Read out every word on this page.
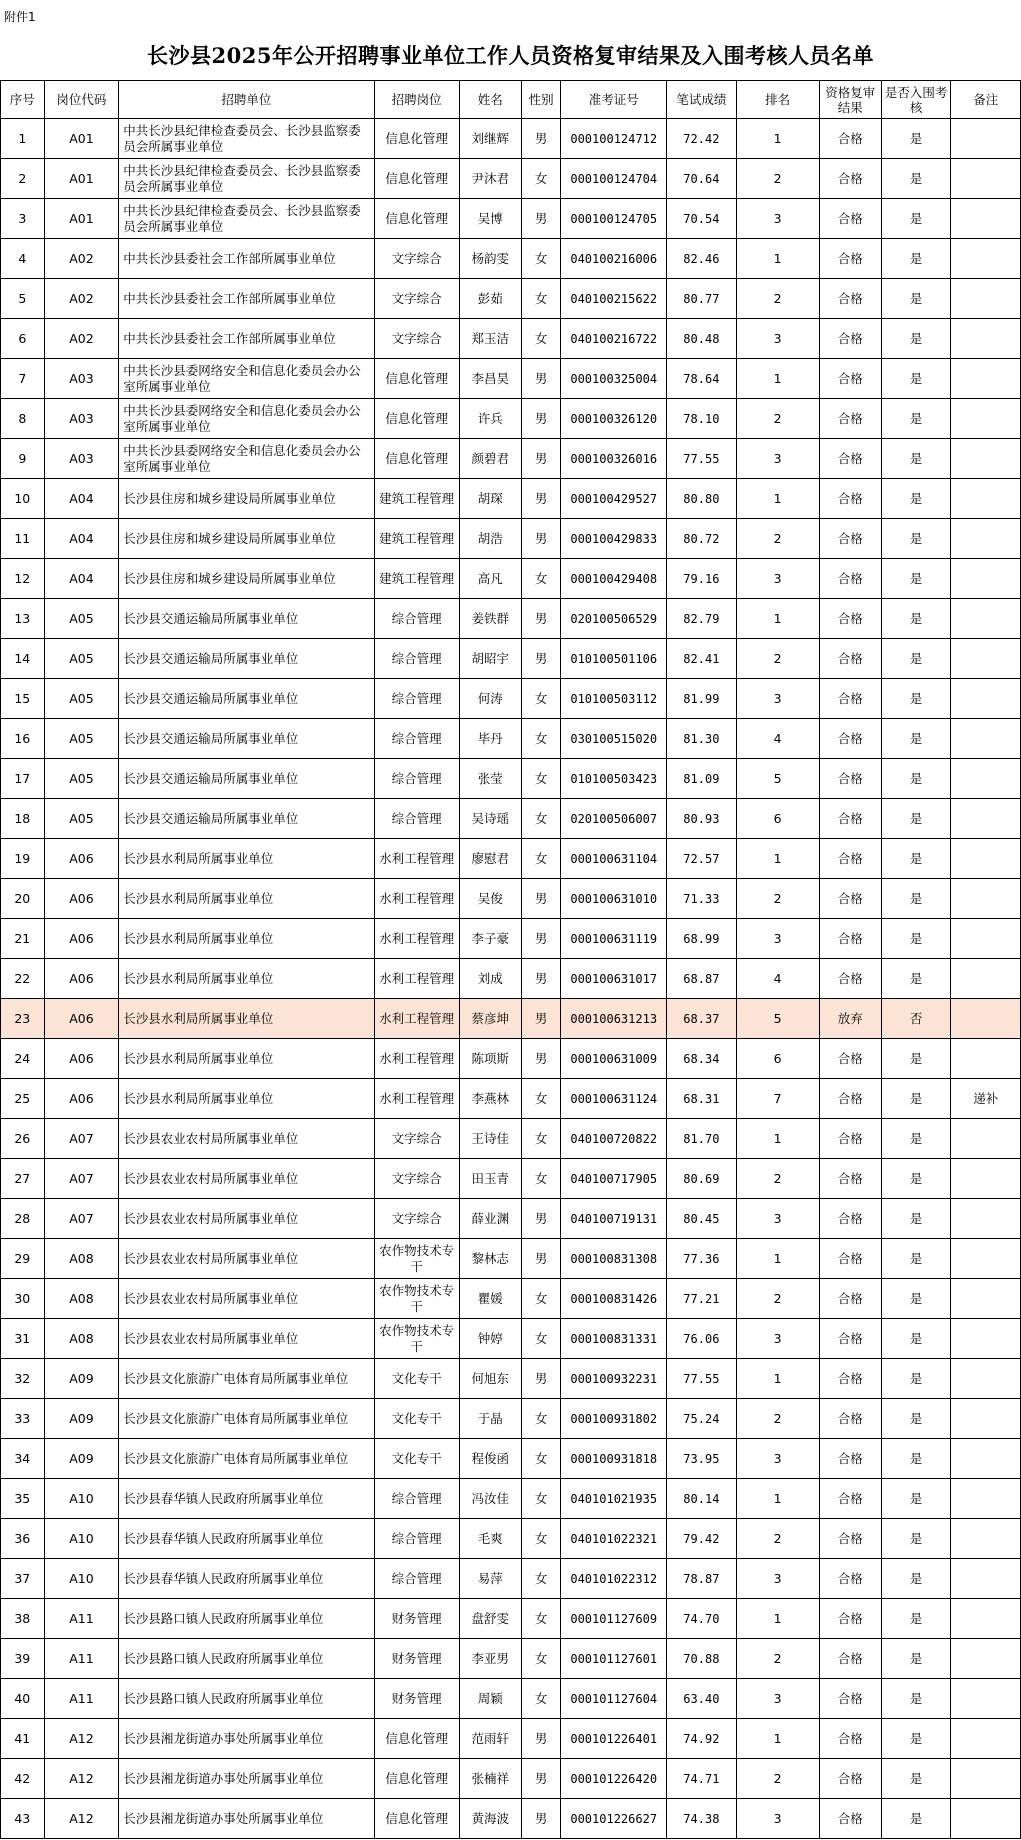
附件1
长沙县2025年公开招聘事业单位工作人员资格复审结果及入围考核人员名单
序号	岗位代码	招聘单位	招聘岗位	姓名	性别	准考证号	笔试成绩	排名	资格复审结果	是否入围考核	备注
1	A01	中共长沙县纪律检查委员会、长沙县监察委员会所属事业单位	信息化管理	刘继辉	男	000100124712	72.42	1	合格	是	
2	A01	中共长沙县纪律检查委员会、长沙县监察委员会所属事业单位	信息化管理	尹沐君	女	000100124704	70.64	2	合格	是	
3	A01	中共长沙县纪律检查委员会、长沙县监察委员会所属事业单位	信息化管理	吴博	男	000100124705	70.54	3	合格	是	
4	A02	中共长沙县委社会工作部所属事业单位	文字综合	杨韵雯	女	040100216006	82.46	1	合格	是	
5	A02	中共长沙县委社会工作部所属事业单位	文字综合	彭茹	女	040100215622	80.77	2	合格	是	
6	A02	中共长沙县委社会工作部所属事业单位	文字综合	郑玉洁	女	040100216722	80.48	3	合格	是	
7	A03	中共长沙县委网络安全和信息化委员会办公室所属事业单位	信息化管理	李昌昊	男	000100325004	78.64	1	合格	是	
8	A03	中共长沙县委网络安全和信息化委员会办公室所属事业单位	信息化管理	许兵	男	000100326120	78.10	2	合格	是	
9	A03	中共长沙县委网络安全和信息化委员会办公室所属事业单位	信息化管理	颜碧君	男	000100326016	77.55	3	合格	是	
10	A04	长沙县住房和城乡建设局所属事业单位	建筑工程管理	胡琛	男	000100429527	80.80	1	合格	是	
11	A04	长沙县住房和城乡建设局所属事业单位	建筑工程管理	胡浩	男	000100429833	80.72	2	合格	是	
12	A04	长沙县住房和城乡建设局所属事业单位	建筑工程管理	高凡	女	000100429408	79.16	3	合格	是	
13	A05	长沙县交通运输局所属事业单位	综合管理	姜铁群	男	020100506529	82.79	1	合格	是	
14	A05	长沙县交通运输局所属事业单位	综合管理	胡昭宇	男	010100501106	82.41	2	合格	是	
15	A05	长沙县交通运输局所属事业单位	综合管理	何涛	女	010100503112	81.99	3	合格	是	
16	A05	长沙县交通运输局所属事业单位	综合管理	毕丹	女	030100515020	81.30	4	合格	是	
17	A05	长沙县交通运输局所属事业单位	综合管理	张莹	女	010100503423	81.09	5	合格	是	
18	A05	长沙县交通运输局所属事业单位	综合管理	吴诗瑶	女	020100506007	80.93	6	合格	是	
19	A06	长沙县水利局所属事业单位	水利工程管理	廖慰君	女	000100631104	72.57	1	合格	是	
20	A06	长沙县水利局所属事业单位	水利工程管理	吴俊	男	000100631010	71.33	2	合格	是	
21	A06	长沙县水利局所属事业单位	水利工程管理	李子豪	男	000100631119	68.99	3	合格	是	
22	A06	长沙县水利局所属事业单位	水利工程管理	刘成	男	000100631017	68.87	4	合格	是	
23	A06	长沙县水利局所属事业单位	水利工程管理	蔡彦坤	男	000100631213	68.37	5	放弃	否	
24	A06	长沙县水利局所属事业单位	水利工程管理	陈项斯	男	000100631009	68.34	6	合格	是	
25	A06	长沙县水利局所属事业单位	水利工程管理	李燕林	女	000100631124	68.31	7	合格	是	递补
26	A07	长沙县农业农村局所属事业单位	文字综合	王诗佳	女	040100720822	81.70	1	合格	是	
27	A07	长沙县农业农村局所属事业单位	文字综合	田玉青	女	040100717905	80.69	2	合格	是	
28	A07	长沙县农业农村局所属事业单位	文字综合	薛业渊	男	040100719131	80.45	3	合格	是	
29	A08	长沙县农业农村局所属事业单位	农作物技术专干	黎林志	男	000100831308	77.36	1	合格	是	
30	A08	长沙县农业农村局所属事业单位	农作物技术专干	瞿媛	女	000100831426	77.21	2	合格	是	
31	A08	长沙县农业农村局所属事业单位	农作物技术专干	钟婷	女	000100831331	76.06	3	合格	是	
32	A09	长沙县文化旅游广电体育局所属事业单位	文化专干	何旭东	男	000100932231	77.55	1	合格	是	
33	A09	长沙县文化旅游广电体育局所属事业单位	文化专干	于晶	女	000100931802	75.24	2	合格	是	
34	A09	长沙县文化旅游广电体育局所属事业单位	文化专干	程俊函	女	000100931818	73.95	3	合格	是	
35	A10	长沙县春华镇人民政府所属事业单位	综合管理	冯汝佳	女	040101021935	80.14	1	合格	是	
36	A10	长沙县春华镇人民政府所属事业单位	综合管理	毛爽	女	040101022321	79.42	2	合格	是	
37	A10	长沙县春华镇人民政府所属事业单位	综合管理	易萍	女	040101022312	78.87	3	合格	是	
38	A11	长沙县路口镇人民政府所属事业单位	财务管理	盘舒雯	女	000101127609	74.70	1	合格	是	
39	A11	长沙县路口镇人民政府所属事业单位	财务管理	李亚男	女	000101127601	70.88	2	合格	是	
40	A11	长沙县路口镇人民政府所属事业单位	财务管理	周颖	女	000101127604	63.40	3	合格	是	
41	A12	长沙县湘龙街道办事处所属事业单位	信息化管理	范雨轩	男	000101226401	74.92	1	合格	是	
42	A12	长沙县湘龙街道办事处所属事业单位	信息化管理	张楠祥	男	000101226420	74.71	2	合格	是	
43	A12	长沙县湘龙街道办事处所属事业单位	信息化管理	黄海波	男	000101226627	74.38	3	合格	是	
